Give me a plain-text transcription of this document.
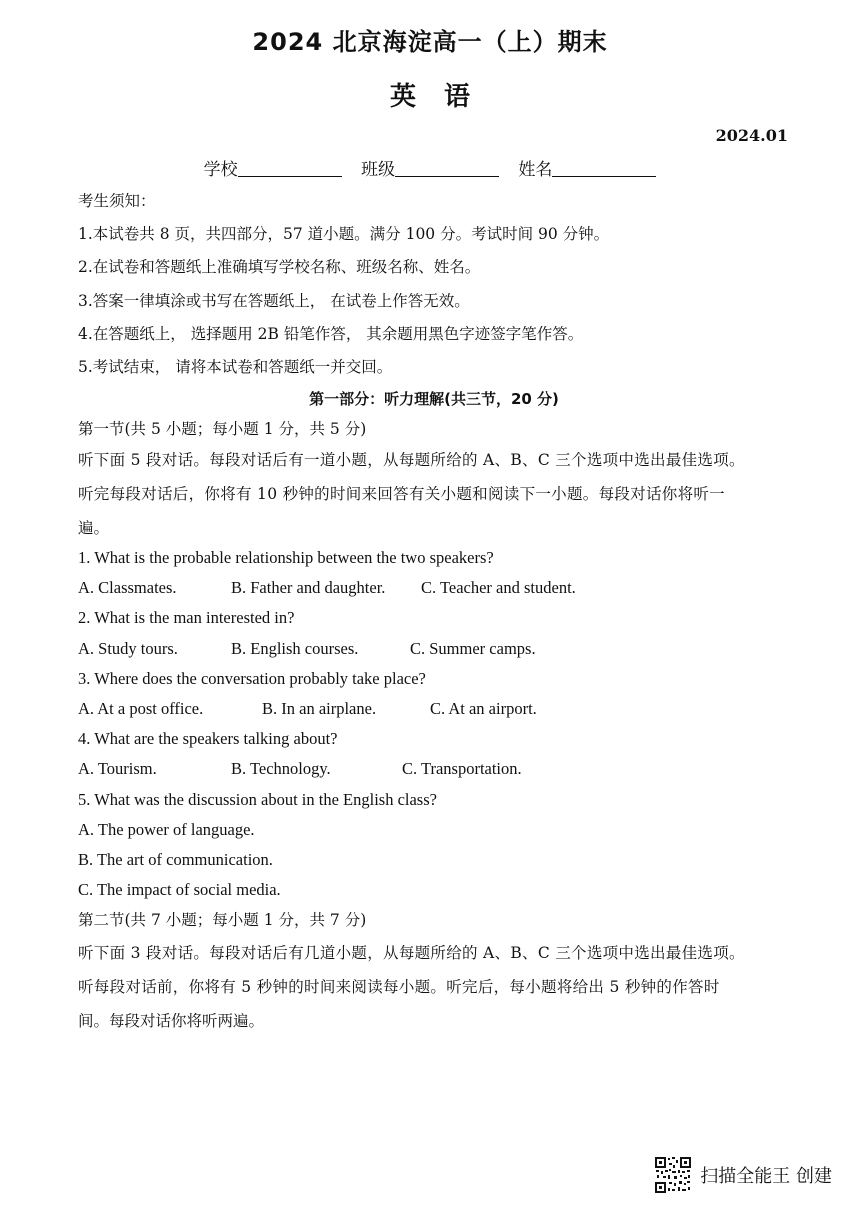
2024 北京海淀高一（上）期末
英语
2024.01
学校	班级	姓名
考生须知：
1.本试卷共 8 页，共四部分，57 道小题。满分 100 分。考试时间 90 分钟。
2.在试卷和答题纸上准确填写学校名称、班级名称、姓名。
3.答案一律填涂或书写在答题纸上， 在试卷上作答无效。
4.在答题纸上， 选择题用 2B 铅笔作答， 其余题用黑色字迹签字笔作答。
5.考试结束， 请将本试卷和答题纸一并交回。
第一部分：听力理解(共三节，20 分)
第一节(共 5 小题；每小题 1 分，共 5 分)
听下面 5 段对话。每段对话后有一道小题，从每题所给的 A、B、C 三个选项中选出最佳选项。
听完每段对话后，你将有 10 秒钟的时间来回答有关小题和阅读下一小题。每段对话你将听一
遍。
1. What is the probable relationship between the two speakers?
A. Classmates.	B. Father and daughter. C. Teacher and student.
2. What is the man interested in?
A. Study tours.	B. English courses.	C. Summer camps.
3. Where does the conversation probably take place?
A. At a post office.	B. In an airplane.	C. At an airport.
4. What are the speakers talking about?
A. Tourism.	B. Technology.	C. Transportation.
5. What was the discussion about in the English class?
A. The power of language.
B. The art of communication.
C. The impact of social media.
第二节(共 7 小题；每小题 1 分，共 7 分)
听下面 3 段对话。每段对话后有几道小题，从每题所给的 A、B、C 三个选项中选出最佳选项。
听每段对话前，你将有 5 秒钟的时间来阅读每小题。听完后，每小题将给出 5 秒钟的作答时
间。每段对话你将听两遍。
扫描全能王 创建
